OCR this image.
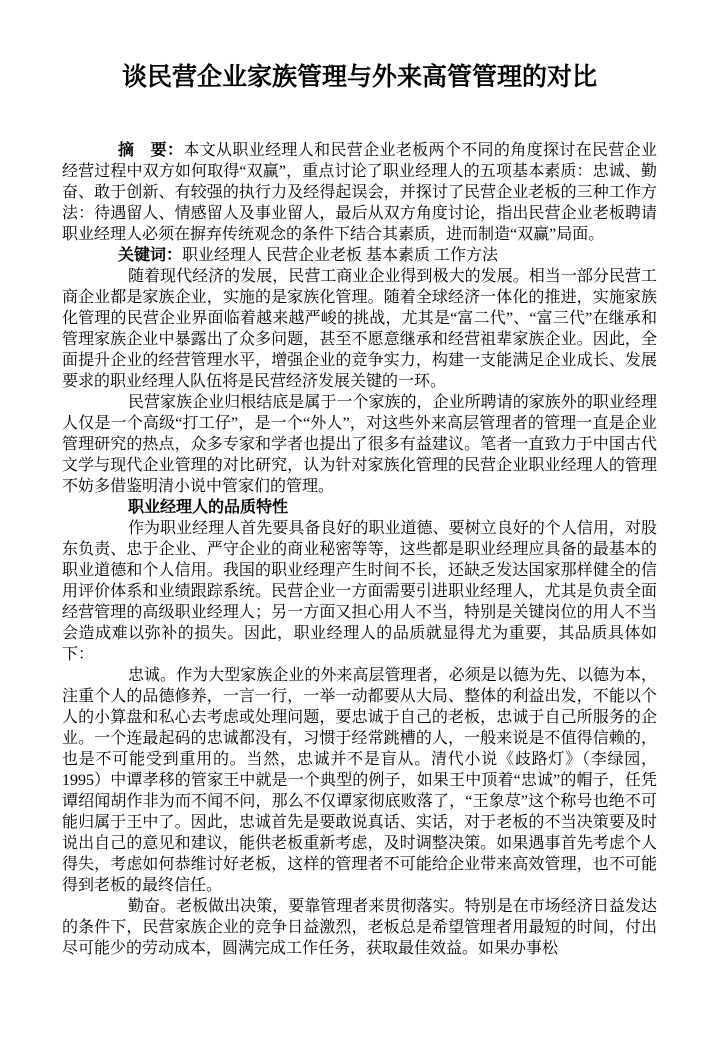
谈民营企业家族管理与外来高管管理的对比

摘　要：本文从职业经理人和民营企业老板两个不同的角度探讨在民营企业经营过程中双方如何取得“双赢”，重点讨论了职业经理人的五项基本素质：忠诚、勤奋、敢于创新、有较强的执行力及经得起误会，并探讨了民营企业老板的三种工作方法：待遇留人、情感留人及事业留人，最后从双方角度讨论，指出民营企业老板聘请职业经理人必须在摒弃传统观念的条件下结合其素质，进而制造“双赢”局面。

关键词：职业经理人 民营企业老板 基本素质 工作方法

随着现代经济的发展，民营工商业企业得到极大的发展。相当一部分民营工商企业都是家族企业，实施的是家族化管理。随着全球经济一体化的推进，实施家族化管理的民营企业界面临着越来越严峻的挑战，尤其是“富二代”、“富三代”在继承和管理家族企业中暴露出了众多问题，甚至不愿意继承和经营祖辈家族企业。因此，全面提升企业的经营管理水平，增强企业的竞争实力，构建一支能满足企业成长、发展要求的职业经理人队伍将是民营经济发展关键的一环。

民营家族企业归根结底是属于一个家族的，企业所聘请的家族外的职业经理人仅是一个高级“打工仔”，是一个“外人”，对这些外来高层管理者的管理一直是企业管理研究的热点，众多专家和学者也提出了很多有益建议。笔者一直致力于中国古代文学与现代企业管理的对比研究，认为针对家族化管理的民营企业职业经理人的管理不妨多借鉴明清小说中管家们的管理。

职业经理人的品质特性

作为职业经理人首先要具备良好的职业道德、要树立良好的个人信用，对股东负责、忠于企业、严守企业的商业秘密等等，这些都是职业经理应具备的最基本的职业道德和个人信用。我国的职业经理产生时间不长，还缺乏发达国家那样健全的信用评价体系和业绩跟踪系统。民营企业一方面需要引进职业经理人，尤其是负责全面经营管理的高级职业经理人；另一方面又担心用人不当，特别是关键岗位的用人不当会造成难以弥补的损失。因此，职业经理人的品质就显得尤为重要，其品质具体如下：

忠诚。作为大型家族企业的外来高层管理者，必须是以德为先、以德为本，注重个人的品德修养，一言一行，一举一动都要从大局、整体的利益出发，不能以个人的小算盘和私心去考虑或处理问题，要忠诚于自己的老板，忠诚于自己所服务的企业。一个连最起码的忠诚都没有，习惯于经常跳槽的人，一般来说是不值得信赖的，也是不可能受到重用的。当然，忠诚并不是盲从。清代小说《歧路灯》（李绿园，1995）中谭孝移的管家王中就是一个典型的例子，如果王中顶着“忠诚”的帽子，任凭谭绍闻胡作非为而不闻不问，那么不仅谭家彻底败落了，“王象荩”这个称号也绝不可能归属于王中了。因此，忠诚首先是要敢说真话、实话，对于老板的不当决策要及时说出自己的意见和建议，能供老板重新考虑，及时调整决策。如果遇事首先考虑个人得失，考虑如何恭维讨好老板，这样的管理者不可能给企业带来高效管理，也不可能得到老板的最终信任。

勤奋。老板做出决策，要靠管理者来贯彻落实。特别是在市场经济日益发达的条件下，民营家族企业的竞争日益激烈，老板总是希望管理者用最短的时间，付出尽可能少的劳动成本，圆满完成工作任务，获取最佳效益。如果办事松
